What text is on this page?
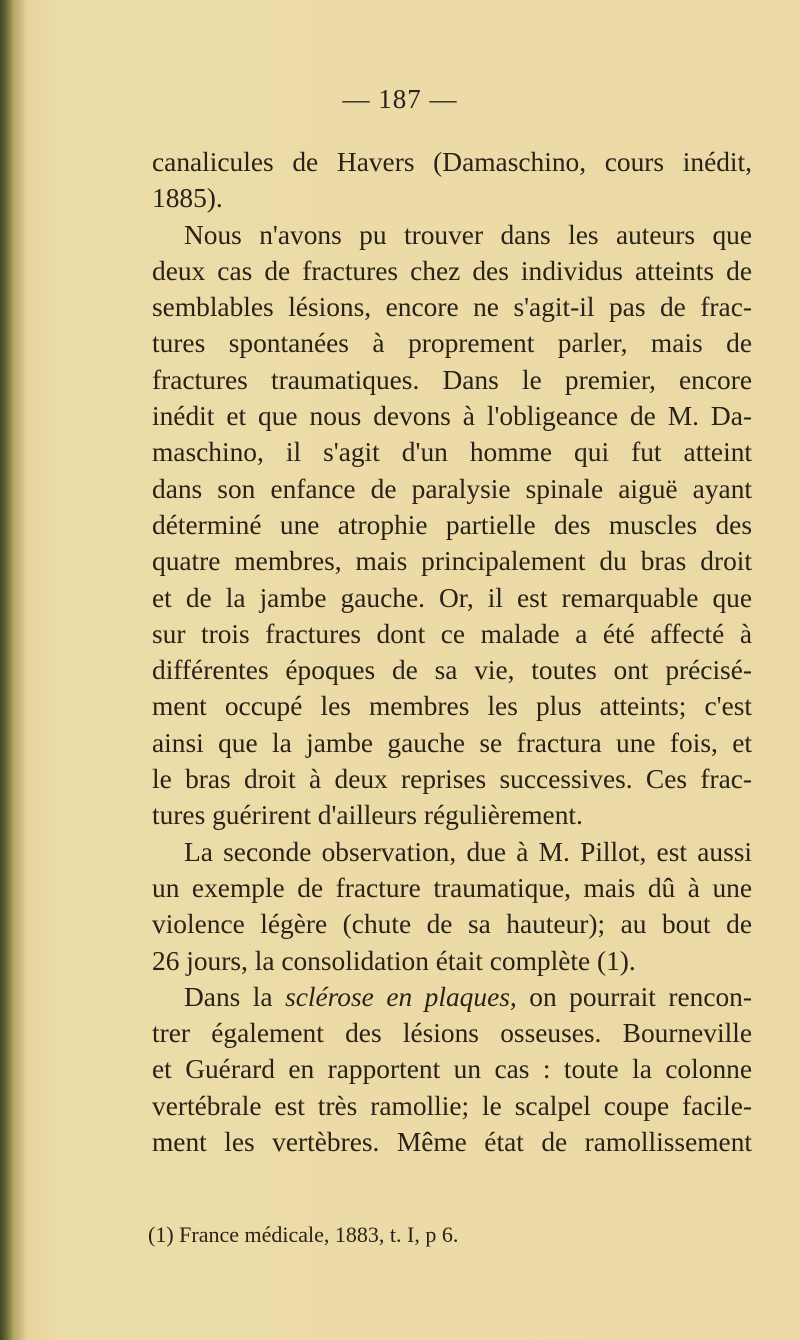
— 187 —
canalicules de Havers (Damaschino, cours inédit,
1885).
Nous n'avons pu trouver dans les auteurs que
deux cas de fractures chez des individus atteints de
semblables lésions, encore ne s'agit-il pas de frac-
tures spontanées à proprement parler, mais de
fractures traumatiques. Dans le premier, encore
inédit et que nous devons à l'obligeance de M. Da-
maschino, il s'agit d'un homme qui fut atteint
dans son enfance de paralysie spinale aiguë ayant
déterminé une atrophie partielle des muscles des
quatre membres, mais principalement du bras droit
et de la jambe gauche. Or, il est remarquable que
sur trois fractures dont ce malade a été affecté à
différentes époques de sa vie, toutes ont précisé-
ment occupé les membres les plus atteints; c'est
ainsi que la jambe gauche se fractura une fois, et
le bras droit à deux reprises successives. Ces frac-
tures guérirent d'ailleurs régulièrement.
La seconde observation, due à M. Pillot, est aussi
un exemple de fracture traumatique, mais dû à une
violence légère (chute de sa hauteur); au bout de
26 jours, la consolidation était complète (1).
Dans la sclérose en plaques, on pourrait rencon-
trer également des lésions osseuses. Bourneville
et Guérard en rapportent un cas : toute la colonne
vertébrale est très ramollie; le scalpel coupe facile-
ment les vertèbres. Même état de ramollissement
(1) France médicale, 1883, t. I, p 6.
